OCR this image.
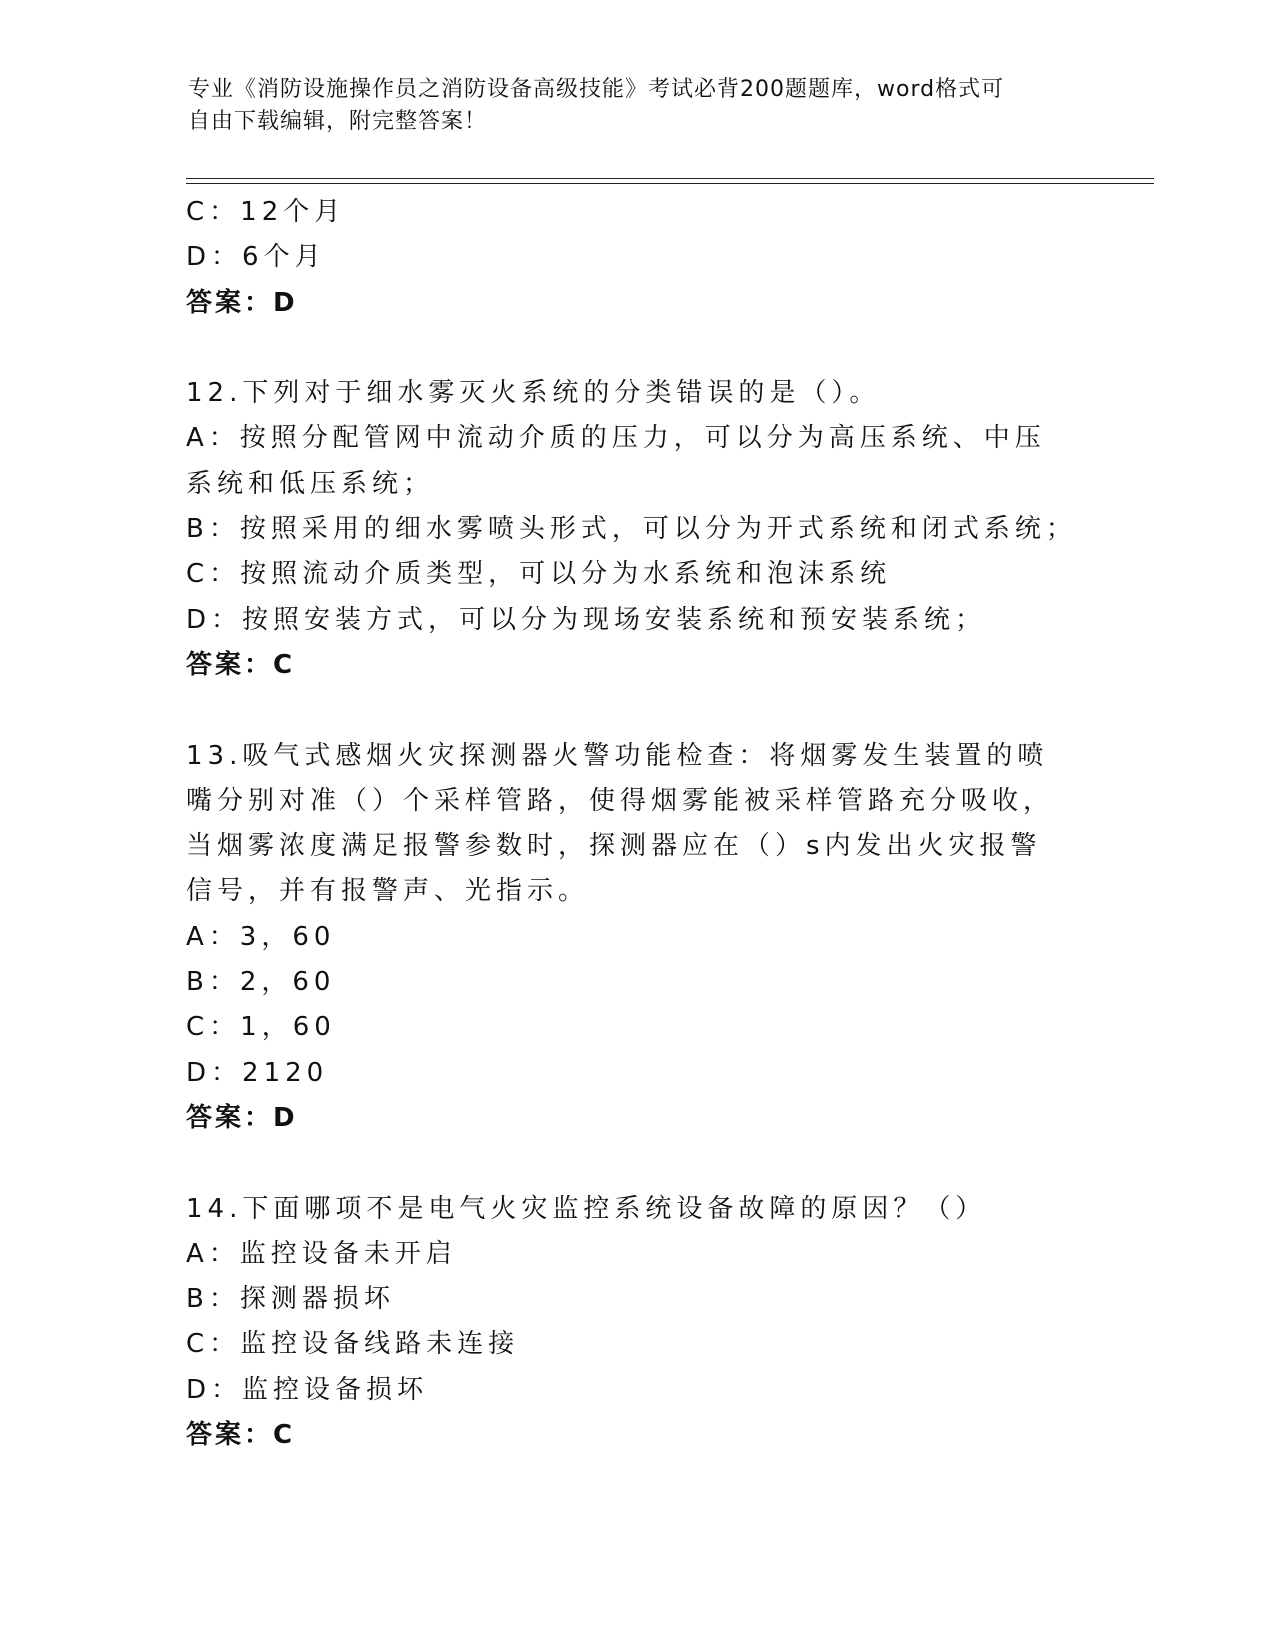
专业《消防设施操作员之消防设备高级技能》考试必背200题题库，word格式可
自由下载编辑，附完整答案！
C：12个月
D：6个月
答案：D
12.下列对于细水雾灭火系统的分类错误的是（）。
A：按照分配管网中流动介质的压力，可以分为高压系统、中压系统和低压系统；
B：按照采用的细水雾喷头形式，可以分为开式系统和闭式系统；
C：按照流动介质类型，可以分为水系统和泡沫系统
D：按照安装方式，可以分为现场安装系统和预安装系统；
答案：C
13.吸气式感烟火灾探测器火警功能检查：将烟雾发生装置的喷嘴分别对准（）个采样管路，使得烟雾能被采样管路充分吸收，当烟雾浓度满足报警参数时，探测器应在（）s内发出火灾报警信号，并有报警声、光指示。
A：3，60
B：2，60
C：1，60
D：2120
答案：D
14.下面哪项不是电气火灾监控系统设备故障的原因？（）
A：监控设备未开启
B：探测器损坏
C：监控设备线路未连接
D：监控设备损坏
答案：C
